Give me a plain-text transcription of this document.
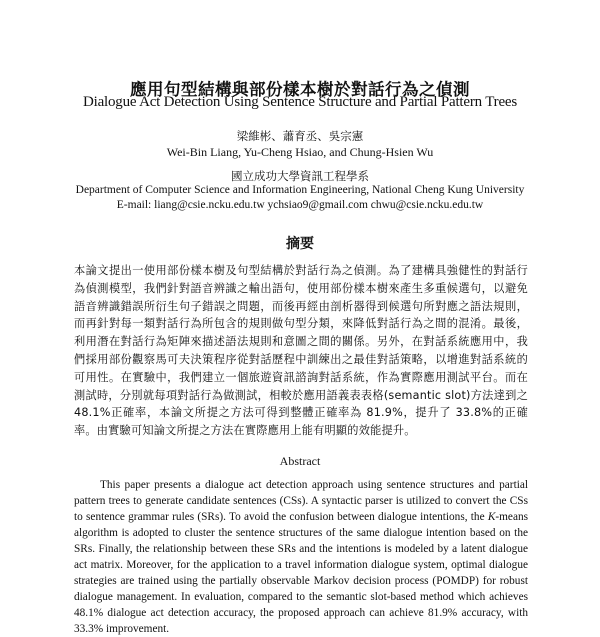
應用句型結構與部份樣本樹於對話行為之偵測
Dialogue Act Detection Using Sentence Structure and Partial Pattern Trees
梁維彬、蕭育丞、吳宗憲
Wei-Bin Liang, Yu-Cheng Hsiao, and Chung-Hsien Wu
國立成功大學資訊工程學系
Department of Computer Science and Information Engineering, National Cheng Kung University
E-mail: liang@csie.ncku.edu.tw ychsiao9@gmail.com chwu@csie.ncku.edu.tw
摘要
本論文提出一使用部份樣本樹及句型結構於對話行為之偵測。為了建構具強健性的對話行為偵測模型，我們針對語音辨識之輸出語句，使用部份樣本樹來產生多重候選句，以避免語音辨識錯誤所衍生句子錯誤之問題，而後再經由剖析器得到候選句所對應之語法規則，而再針對每一類對話行為所包含的規則做句型分類，來降低對話行為之間的混淆。最後，利用潛在對話行為矩陣來描述語法規則和意圖之間的關係。另外，在對話系統應用中，我們採用部份觀察馬可夫決策程序從對話歷程中訓練出之最佳對話策略，以增進對話系統的可用性。在實驗中，我們建立一個旅遊資訊諮詢對話系統，作為實際應用測試平台。而在測試時，分別就每項對話行為做測試，相較於應用語義表表格(semantic slot)方法達到之 48.1%正確率，本論文所提之方法可得到整體正確率為 81.9%，提升了 33.8%的正確率。由實驗可知論文所提之方法在實際應用上能有明顯的效能提升。
Abstract
This paper presents a dialogue act detection approach using sentence structures and partial pattern trees to generate candidate sentences (CSs). A syntactic parser is utilized to convert the CSs to sentence grammar rules (SRs). To avoid the confusion between dialogue intentions, the K-means algorithm is adopted to cluster the sentence structures of the same dialogue intention based on the SRs. Finally, the relationship between these SRs and the intentions is modeled by a latent dialogue act matrix. Moreover, for the application to a travel information dialogue system, optimal dialogue strategies are trained using the partially observable Markov decision process (POMDP) for robust dialogue management. In evaluation, compared to the semantic slot-based method which achieves 48.1% dialogue act detection accuracy, the proposed approach can achieve 81.9% accuracy, with 33.3% improvement.
